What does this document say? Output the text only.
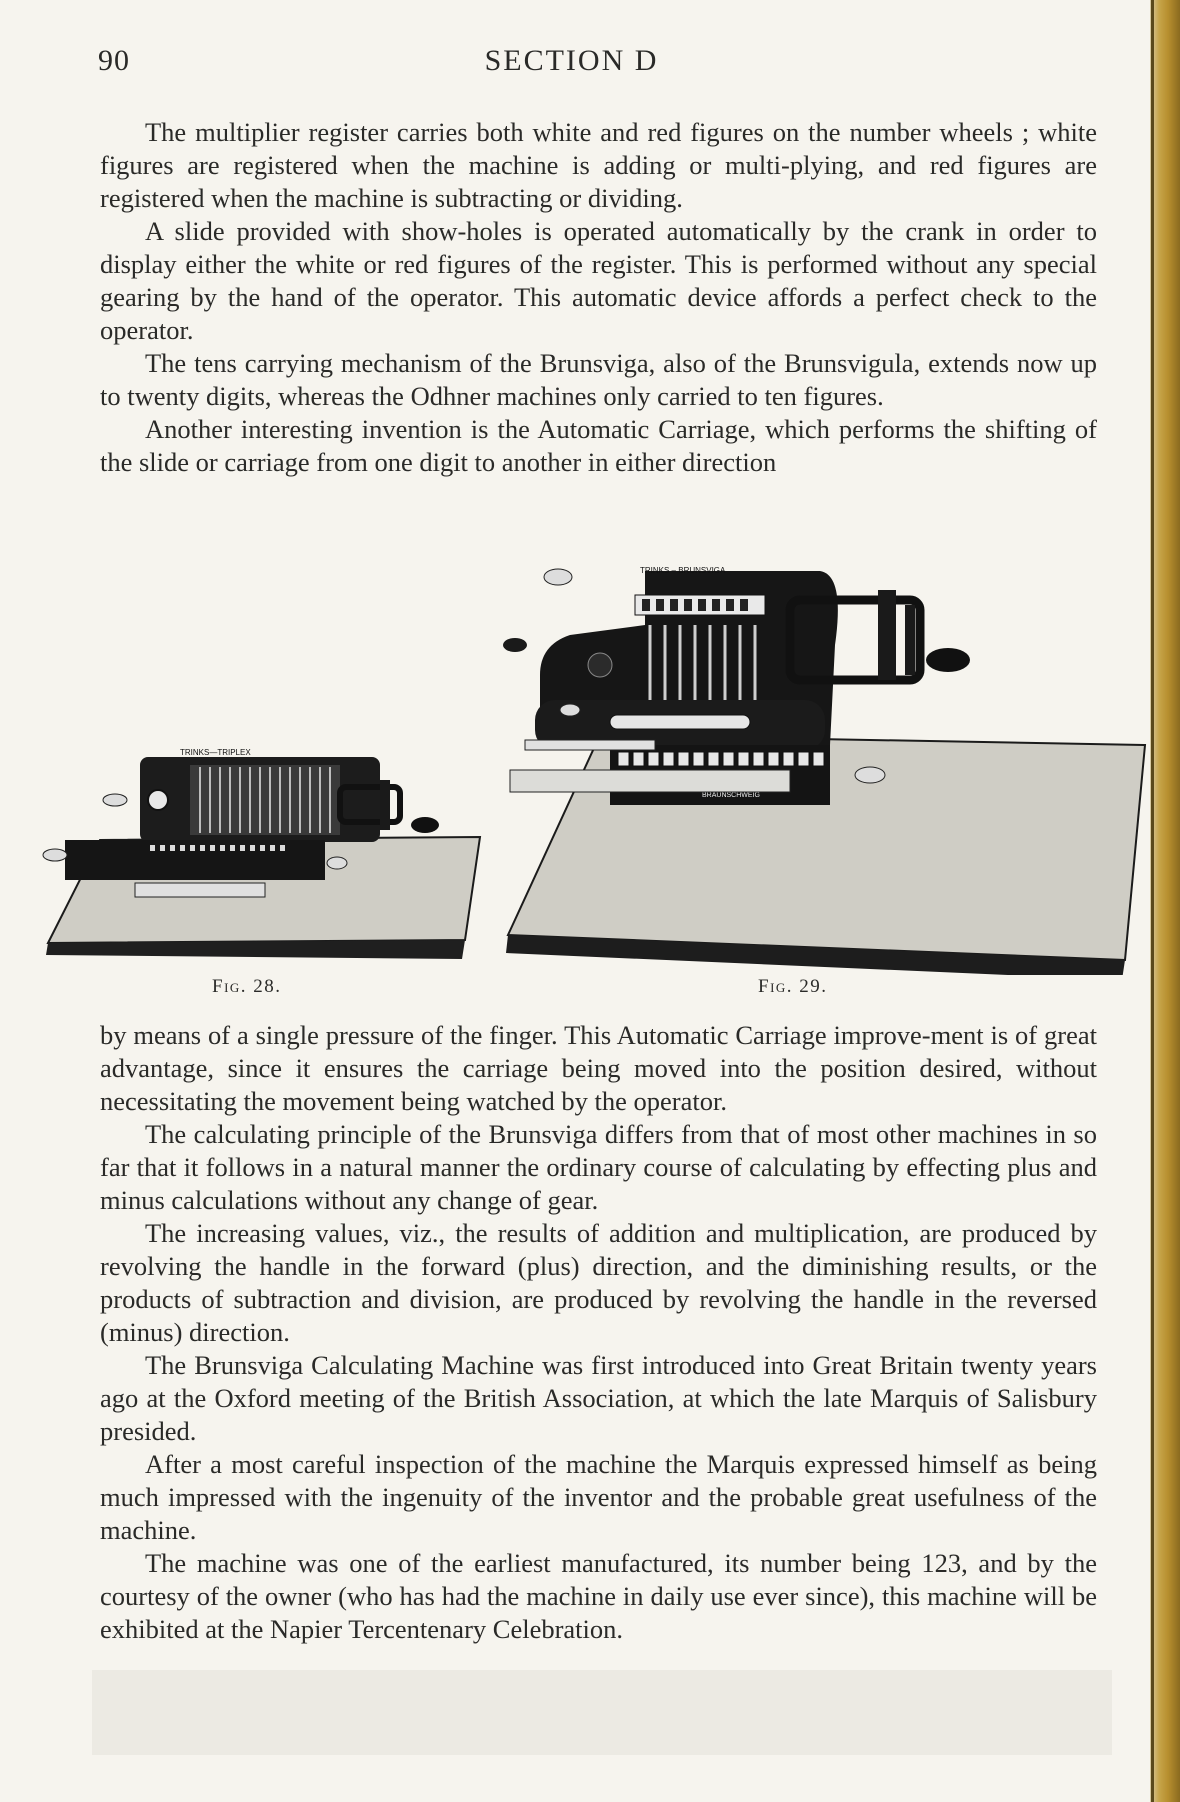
90	SECTION D

The multiplier register carries both white and red figures on the number wheels ; white figures are registered when the machine is adding or multi-plying, and red figures are registered when the machine is subtracting or dividing.

A slide provided with show-holes is operated automatically by the crank in order to display either the white or red figures of the register. This is performed without any special gearing by the hand of the operator. This automatic device affords a perfect check to the operator.

The tens carrying mechanism of the Brunsviga, also of the Brunsvigula, extends now up to twenty digits, whereas the Odhner machines only carried to ten figures.

Another interesting invention is the Automatic Carriage, which performs the shifting of the slide or carriage from one digit to another in either direction

TRINKS—TRIPLEX
Fig. 28.
BRAUNSCHWEIG
TRINKS – BRUNSVIGA
Fig. 29.

by means of a single pressure of the finger. This Automatic Carriage improve-ment is of great advantage, since it ensures the carriage being moved into the position desired, without necessitating the movement being watched by the operator.

The calculating principle of the Brunsviga differs from that of most other machines in so far that it follows in a natural manner the ordinary course of calculating by effecting plus and minus calculations without any change of gear.

The increasing values, viz., the results of addition and multiplication, are produced by revolving the handle in the forward (plus) direction, and the diminishing results, or the products of subtraction and division, are produced by revolving the handle in the reversed (minus) direction.

The Brunsviga Calculating Machine was first introduced into Great Britain twenty years ago at the Oxford meeting of the British Association, at which the late Marquis of Salisbury presided.

After a most careful inspection of the machine the Marquis expressed himself as being much impressed with the ingenuity of the inventor and the probable great usefulness of the machine.

The machine was one of the earliest manufactured, its number being 123, and by the courtesy of the owner (who has had the machine in daily use ever since), this machine will be exhibited at the Napier Tercentenary Celebration.
